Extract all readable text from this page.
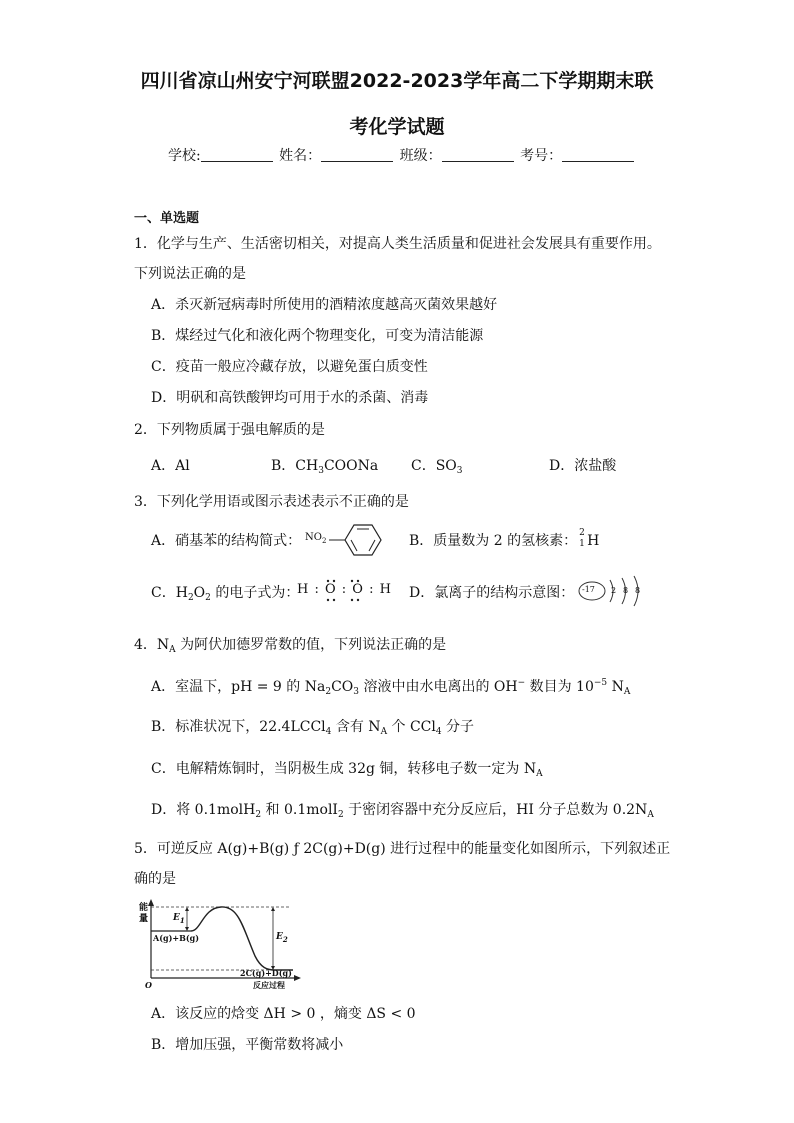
四川省凉山州安宁河联盟2022-2023学年高二下学期期末联
考化学试题
学校:	姓名：	班级：	考号：
一、单选题
1．化学与生产、生活密切相关，对提高人类生活质量和促进社会发展具有重要作用。
下列说法正确的是
A．杀灭新冠病毒时所使用的酒精浓度越高灭菌效果越好
B．煤经过气化和液化两个物理变化，可变为清洁能源
C．疫苗一般应冷藏存放，以避免蛋白质变性
D．明矾和高铁酸钾均可用于水的杀菌、消毒
2．下列物质属于强电解质的是
A．Al	B．$CH_3COONa$ C．$SO_3$	D．浓盐酸
3．下列化学用语或图示表述表示不正确的是
A．硝基苯的结构简式： $NO_2$	B．质量数为 2 的氢核素： 2
1 H
C．$H_2O_2$ 的电子式为：
H : O : O : H D．氯离子的结构示意图： -17 2 8 8
4．$N_A$ 为阿伏加德罗常数的值，下列说法正确的是
A．室温下，pH = 9 的 $Na_2CO_3$ 溶液中由水电离出的 OH− 数目为 $10^{-5}$ $N_A$
B．标准状况下，22.4LCCl$_4$ 含有 $N_A$ 个 CCl$_4$ 分子
C．电解精炼铜时，当阴极生成 32g 铜，转移电子数一定为 $N_A$
D．将 0.1molH$_2$ 和 0.1molI$_2$ 于密闭容器中充分反应后，HI 分子总数为 $0.2N_A$
5．可逆反应 A(g)+B(g) ƒ 2C(g)+D(g) 进行过程中的能量变化如图所示，下列叙述正
确的是
能
量	$E_1$
$E_2$
A(g)+B(g)
2C(g)+D(g)
O	反应过程
A．该反应的焓变 ΔH > 0 ，熵变 ΔS < 0
B．增加压强，平衡常数将减小
